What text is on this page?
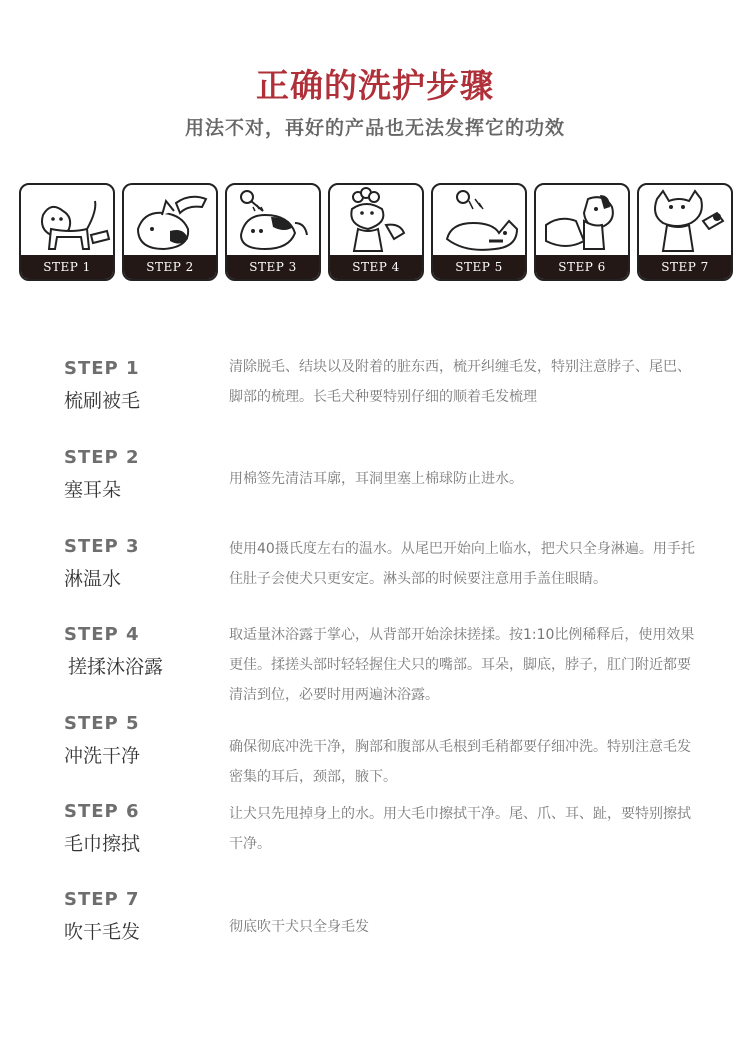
正确的洗护步骤
用法不对，再好的产品也无法发挥它的功效
STEP 1	STEP 2	STEP 3	STEP 4	STEP 5	STEP 6	STEP 7
STEP 1
梳刷被毛
清除脱毛、结块以及附着的脏东西，梳开纠缠毛发，特别注意脖子、尾巴、脚部的梳理。长毛犬种要特别仔细的顺着毛发梳理
STEP 2
塞耳朵	用棉签先清洁耳廓，耳洞里塞上棉球防止进水。
STEP 3
淋温水
使用40摄氏度左右的温水。从尾巴开始向上临水，把犬只全身淋遍。用手托住肚子会使犬只更安定。淋头部的时候要注意用手盖住眼睛。
STEP 4
搓揉沐浴露
取适量沐浴露于掌心，从背部开始涂抹搓揉。按1:10比例稀释后，使用效果更佳。揉搓头部时轻轻握住犬只的嘴部。耳朵，脚底，脖子，肛门附近都要清洁到位，必要时用两遍沐浴露。
STEP 5
冲洗干净	确保彻底冲洗干净，胸部和腹部从毛根到毛稍都要仔细冲洗。特别注意毛发密集的耳后，颈部，腋下。
STEP 6
毛巾擦拭
让犬只先甩掉身上的水。用大毛巾擦拭干净。尾、爪、耳、趾，要特别擦拭干净。
STEP 7
吹干毛发	彻底吹干犬只全身毛发
